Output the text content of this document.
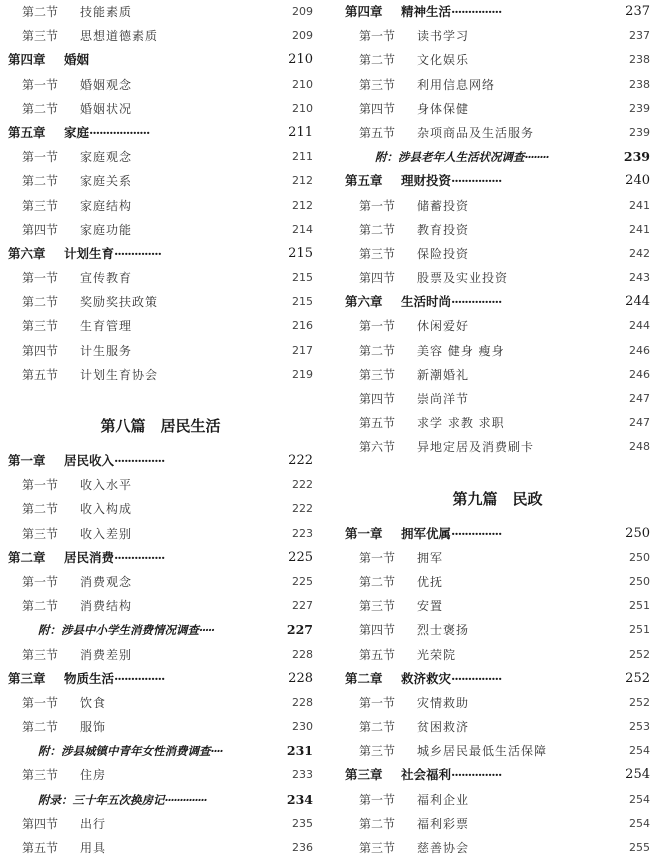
第二节 技能素质	209
第三节 思想道德素质	209
第四章 婚姻	210
第一节 婚姻观念	210
第二节 婚姻状况	210
第五章 家庭··················	211
第一节 家庭观念	211
第二节 家庭关系	212
第三节 家庭结构	212
第四节 家庭功能	214
第六章 计划生育··············	215
第一节 宣传教育	215
第二节 奖励奖扶政策	215
第三节 生育管理	216
第四节 计生服务	217
第五节 计划生育协会	219
第八篇　居民生活
第一章 居民收入···············	222
第一节 收入水平	222
第二节 收入构成	222
第三节 收入差别	223
第二章 居民消费···············	225
第一节 消费观念	225
第二节 消费结构	227
附：涉县中小学生消费情况调查·····	227
第三节 消费差别	228
第三章 物质生活···············	228
第一节 饮食	228
第二节 服饰	230
附：涉县城镇中青年女性消费调查····	231
第三节 住房	233
附录：三十年五次换房记··············	234
第四节 出行	235
第五节 用具	236
第四章 精神生活···············	237
第一节 读书学习	237
第二节 文化娱乐	238
第三节 利用信息网络	238
第四节 身体保健	239
第五节 杂项商品及生活服务	239
附：涉县老年人生活状况调查········	239
第五章 理财投资···············	240
第一节 储蓄投资	241
第二节 教育投资	241
第三节 保险投资	242
第四节 股票及实业投资	243
第六章 生活时尚···············	244
第一节 休闲爱好	244
第二节 美容 健身 瘦身	246
第三节 新潮婚礼	246
第四节 崇尚洋节	247
第五节 求学 求教 求职	247
第六节 异地定居及消费刷卡	248
第九篇　民政
第一章 拥军优属···············	250
第一节 拥军	250
第二节 优抚	250
第三节 安置	251
第四节 烈士褒扬	251
第五节 光荣院	252
第二章 救济救灾···············	252
第一节 灾情救助	252
第二节 贫困救济	253
第三节 城乡居民最低生活保障	254
第三章 社会福利···············	254
第一节 福利企业	254
第二节 福利彩票	254
第三节 慈善协会	255
